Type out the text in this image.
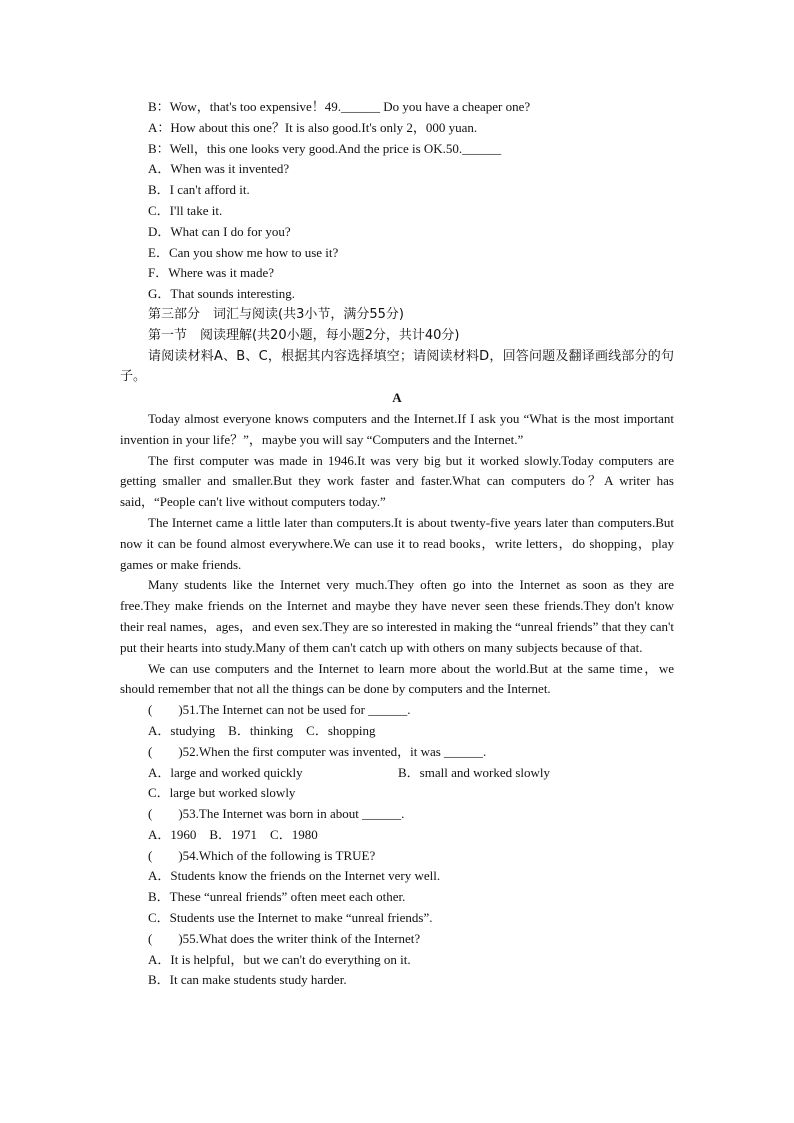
B：Wow，that's too expensive！49.______ Do you have a cheaper one?
A：How about this one？It is also good.It's only 2，000 yuan.
B：Well，this one looks very good.And the price is OK.50.______
A．When was it invented?
B．I can't afford it.
C．I'll take it.
D．What can I do for you?
E．Can you show me how to use it?
F．Where was it made?
G．That sounds interesting.
第三部分　词汇与阅读(共3小节，满分55分)
第一节　阅读理解(共20小题，每小题2分，共计40分)
请阅读材料A、B、C，根据其内容选择填空；请阅读材料D，回答问题及翻译画线部分的句子。
A
Today almost everyone knows computers and the Internet.If I ask you “What is the most important invention in your life？”，maybe you will say “Computers and the Internet.”
The first computer was made in 1946.It was very big but it worked slowly.Today computers are getting smaller and smaller.But they work faster and faster.What can computers do？A writer has said，“People can't live without computers today.”
The Internet came a little later than computers.It is about twenty-five years later than computers.But now it can be found almost everywhere.We can use it to read books，write letters，do shopping，play games or make friends.
Many students like the Internet very much.They often go into the Internet as soon as they are free.They make friends on the Internet and maybe they have never seen these friends.They don't know their real names，ages，and even sex.They are so interested in making the “unreal friends” that they can't put their hearts into study.Many of them can't catch up with others on many subjects because of that.
We can use computers and the Internet to learn more about the world.But at the same time，we should remember that not all the things can be done by computers and the Internet.
(　　)51.The Internet can not be used for ______.
A．studying　B．thinking　C．shopping
(　　)52.When the first computer was invented，it was ______.
A．large and worked quickly	B．small and worked slowly
C．large but worked slowly
(　　)53.The Internet was born in about ______.
A．1960　B．1971　C．1980
(　　)54.Which of the following is TRUE?
A．Students know the friends on the Internet very well.
B．These “unreal friends” often meet each other.
C．Students use the Internet to make “unreal friends”.
(　　)55.What does the writer think of the Internet?
A．It is helpful，but we can't do everything on it.
B．It can make students study harder.
